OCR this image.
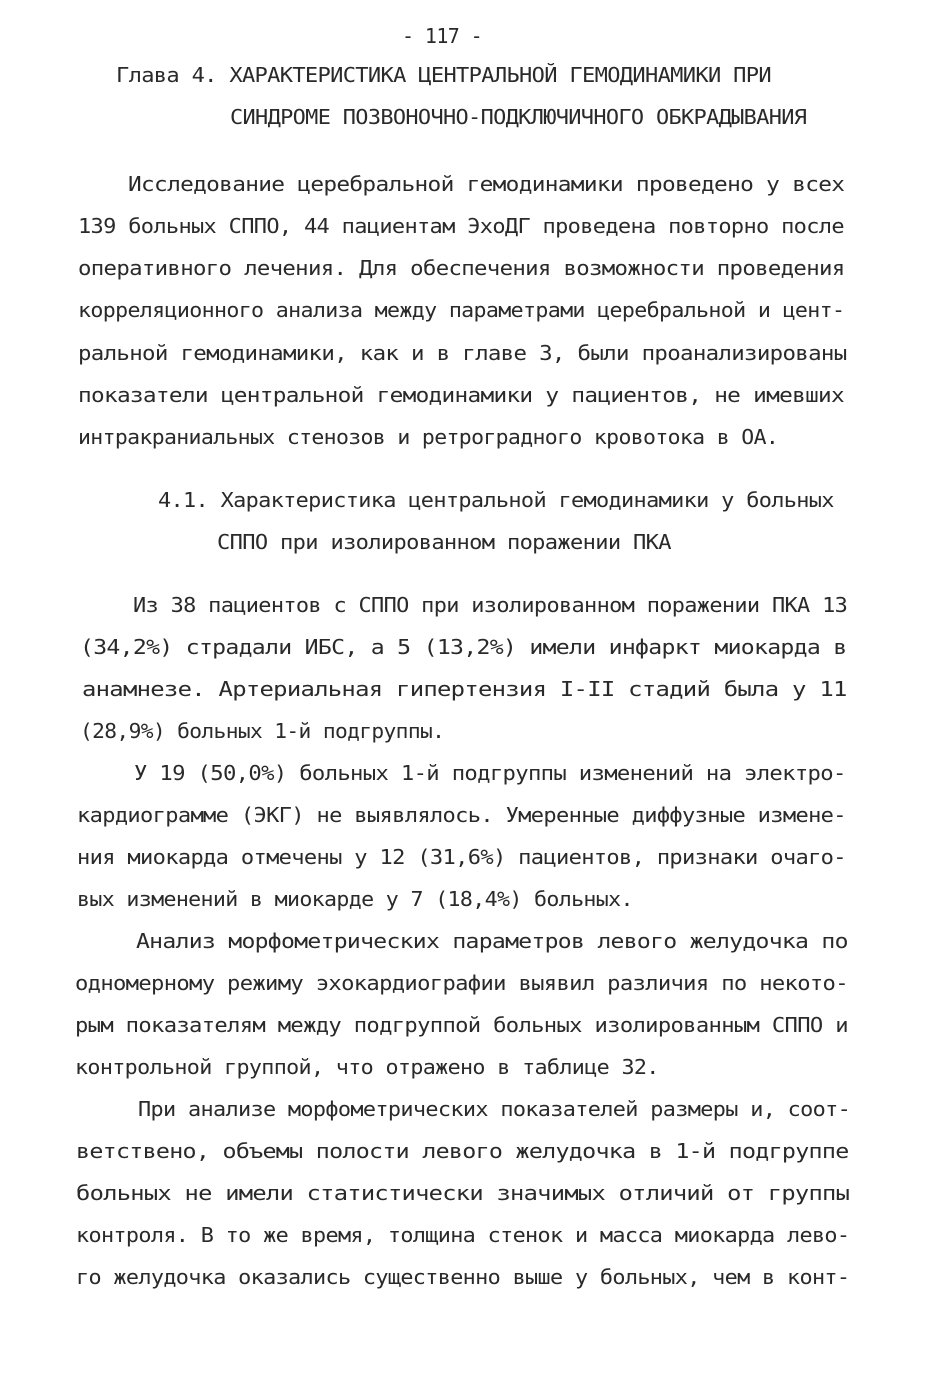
- 117 -
Глава 4. ХАРАКТЕРИСТИКА ЦЕНТРАЛЬНОЙ ГЕМОДИНАМИКИ ПРИ
СИНДРОМЕ ПОЗВОНОЧНО-ПОДКЛЮЧИЧНОГО ОБКРАДЫВАНИЯ
Исследование церебральной гемодинамики проведено у всех
139 больных СППО, 44 пациентам ЭхоДГ проведена повторно после
оперативного лечения. Для обеспечения возможности проведения
корреляционного анализа между параметрами церебральной и цент-
ральной гемодинамики, как и в главе 3, были проанализированы
показатели центральной гемодинамики у пациентов, не имевших
интракраниальных стенозов и ретроградного кровотока в ОА.
4.1. Характеристика центральной гемодинамики у больных
СППО при изолированном поражении ПКА
Из 38 пациентов с СППО при изолированном поражении ПКА 13
(34,2%) страдали ИБС, а 5 (13,2%) имели инфаркт миокарда в
анамнезе. Артериальная гипертензия I-II стадий была у 11
(28,9%) больных 1-й подгруппы.
У 19 (50,0%) больных 1-й подгруппы изменений на электро-
кардиограмме (ЭКГ) не выявлялось. Умеренные диффузные измене-
ния миокарда отмечены у 12 (31,6%) пациентов, признаки очаго-
вых изменений в миокарде у 7 (18,4%) больных.
Анализ морфометрических параметров левого желудочка по
одномерному режиму эхокардиографии выявил различия по некото-
рым показателям между подгруппой больных изолированным СППО и
контрольной группой, что отражено в таблице 32.
При анализе морфометрических показателей размеры и, соот-
ветствено, объемы полости левого желудочка в 1-й подгруппе
больных не имели статистически значимых отличий от группы
контроля. В то же время, толщина стенок и масса миокарда лево-
го желудочка оказались существенно выше у больных, чем в конт-
